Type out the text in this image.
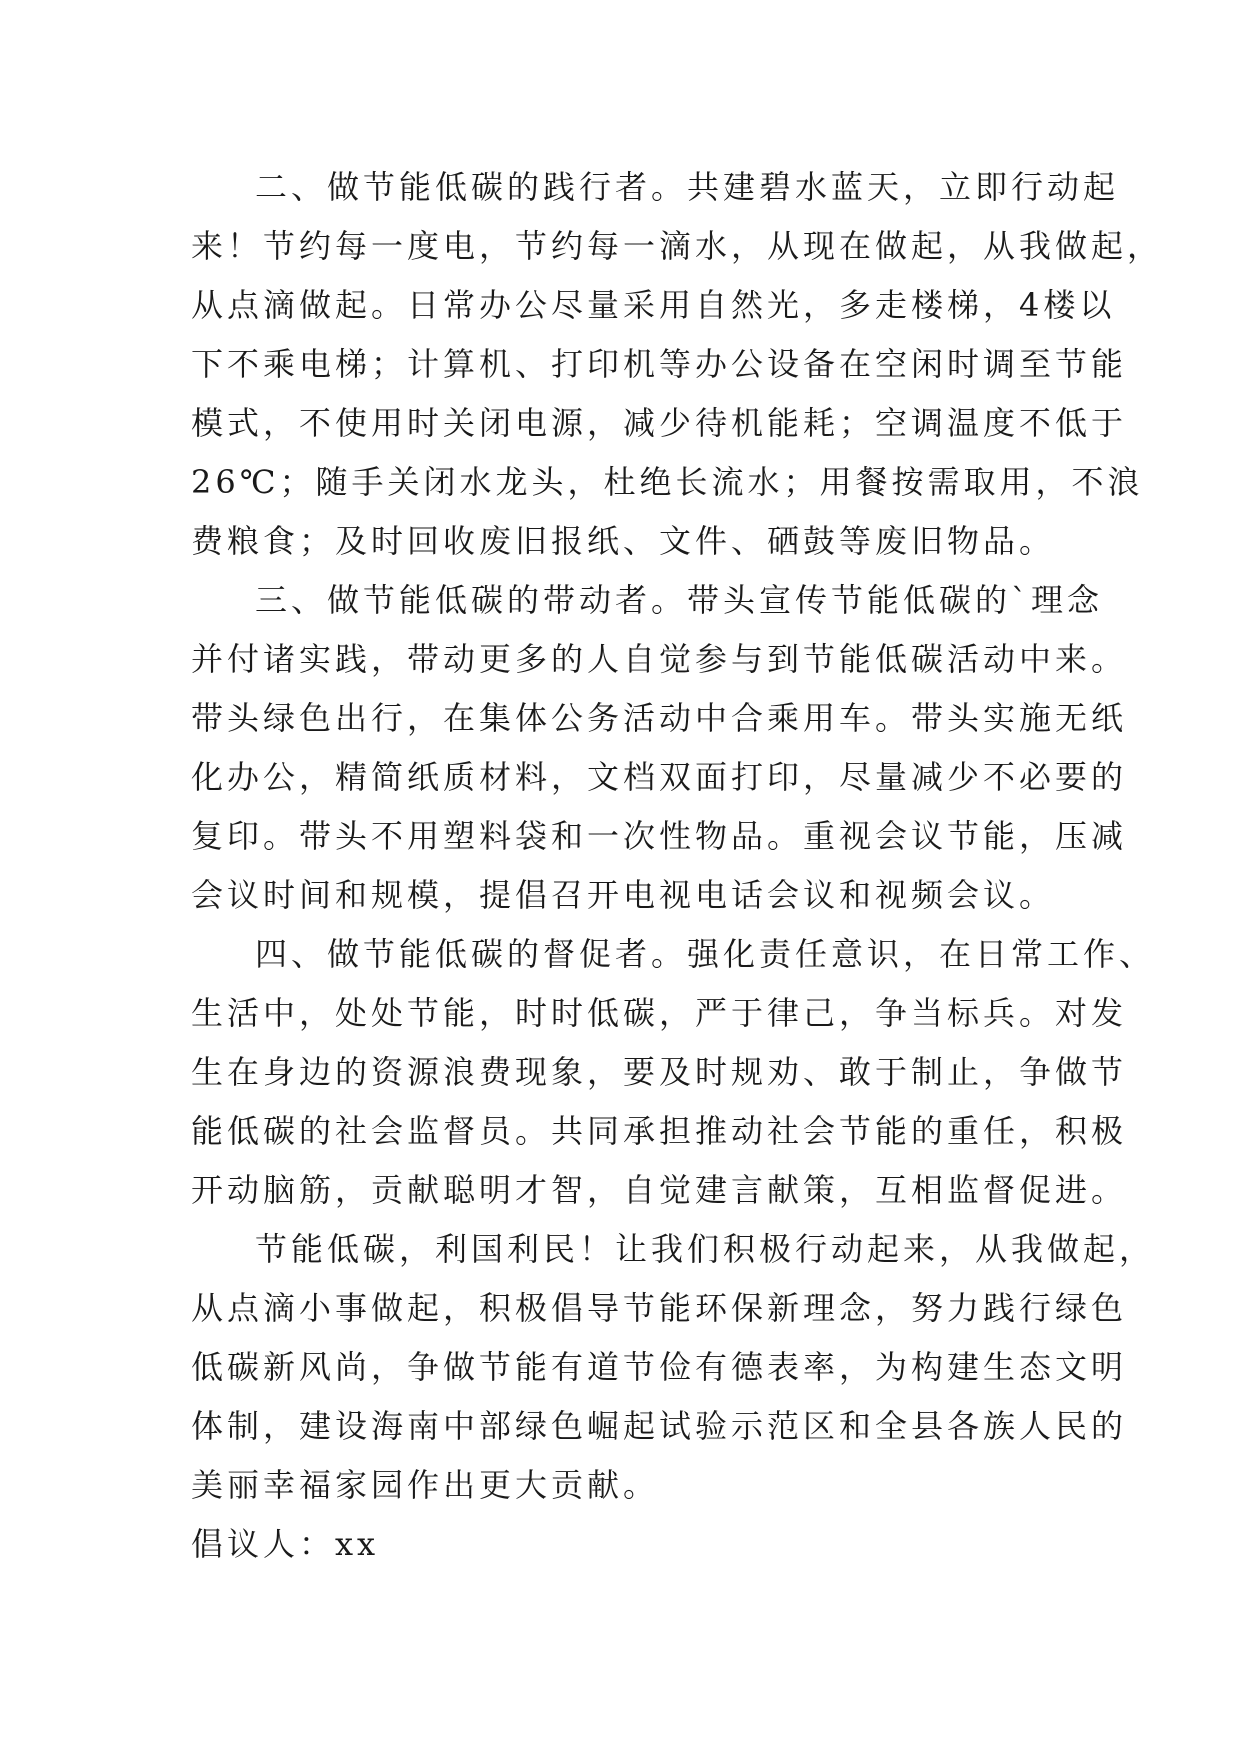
二、做节能低碳的践行者。共建碧水蓝天，立即行动起
来！节约每一度电，节约每一滴水，从现在做起，从我做起，
从点滴做起。日常办公尽量采用自然光，多走楼梯，4楼以
下不乘电梯；计算机、打印机等办公设备在空闲时调至节能
模式，不使用时关闭电源，减少待机能耗；空调温度不低于
26℃；随手关闭水龙头，杜绝长流水；用餐按需取用，不浪
费粮食；及时回收废旧报纸、文件、硒鼓等废旧物品。
三、做节能低碳的带动者。带头宣传节能低碳的`理念
并付诸实践，带动更多的人自觉参与到节能低碳活动中来。
带头绿色出行，在集体公务活动中合乘用车。带头实施无纸
化办公，精简纸质材料，文档双面打印，尽量减少不必要的
复印。带头不用塑料袋和一次性物品。重视会议节能，压减
会议时间和规模，提倡召开电视电话会议和视频会议。
四、做节能低碳的督促者。强化责任意识，在日常工作、
生活中，处处节能，时时低碳，严于律己，争当标兵。对发
生在身边的资源浪费现象，要及时规劝、敢于制止，争做节
能低碳的社会监督员。共同承担推动社会节能的重任，积极
开动脑筋，贡献聪明才智，自觉建言献策，互相监督促进。
节能低碳，利国利民！让我们积极行动起来，从我做起，
从点滴小事做起，积极倡导节能环保新理念，努力践行绿色
低碳新风尚，争做节能有道节俭有德表率，为构建生态文明
体制，建设海南中部绿色崛起试验示范区和全县各族人民的
美丽幸福家园作出更大贡献。
倡议人：xx
